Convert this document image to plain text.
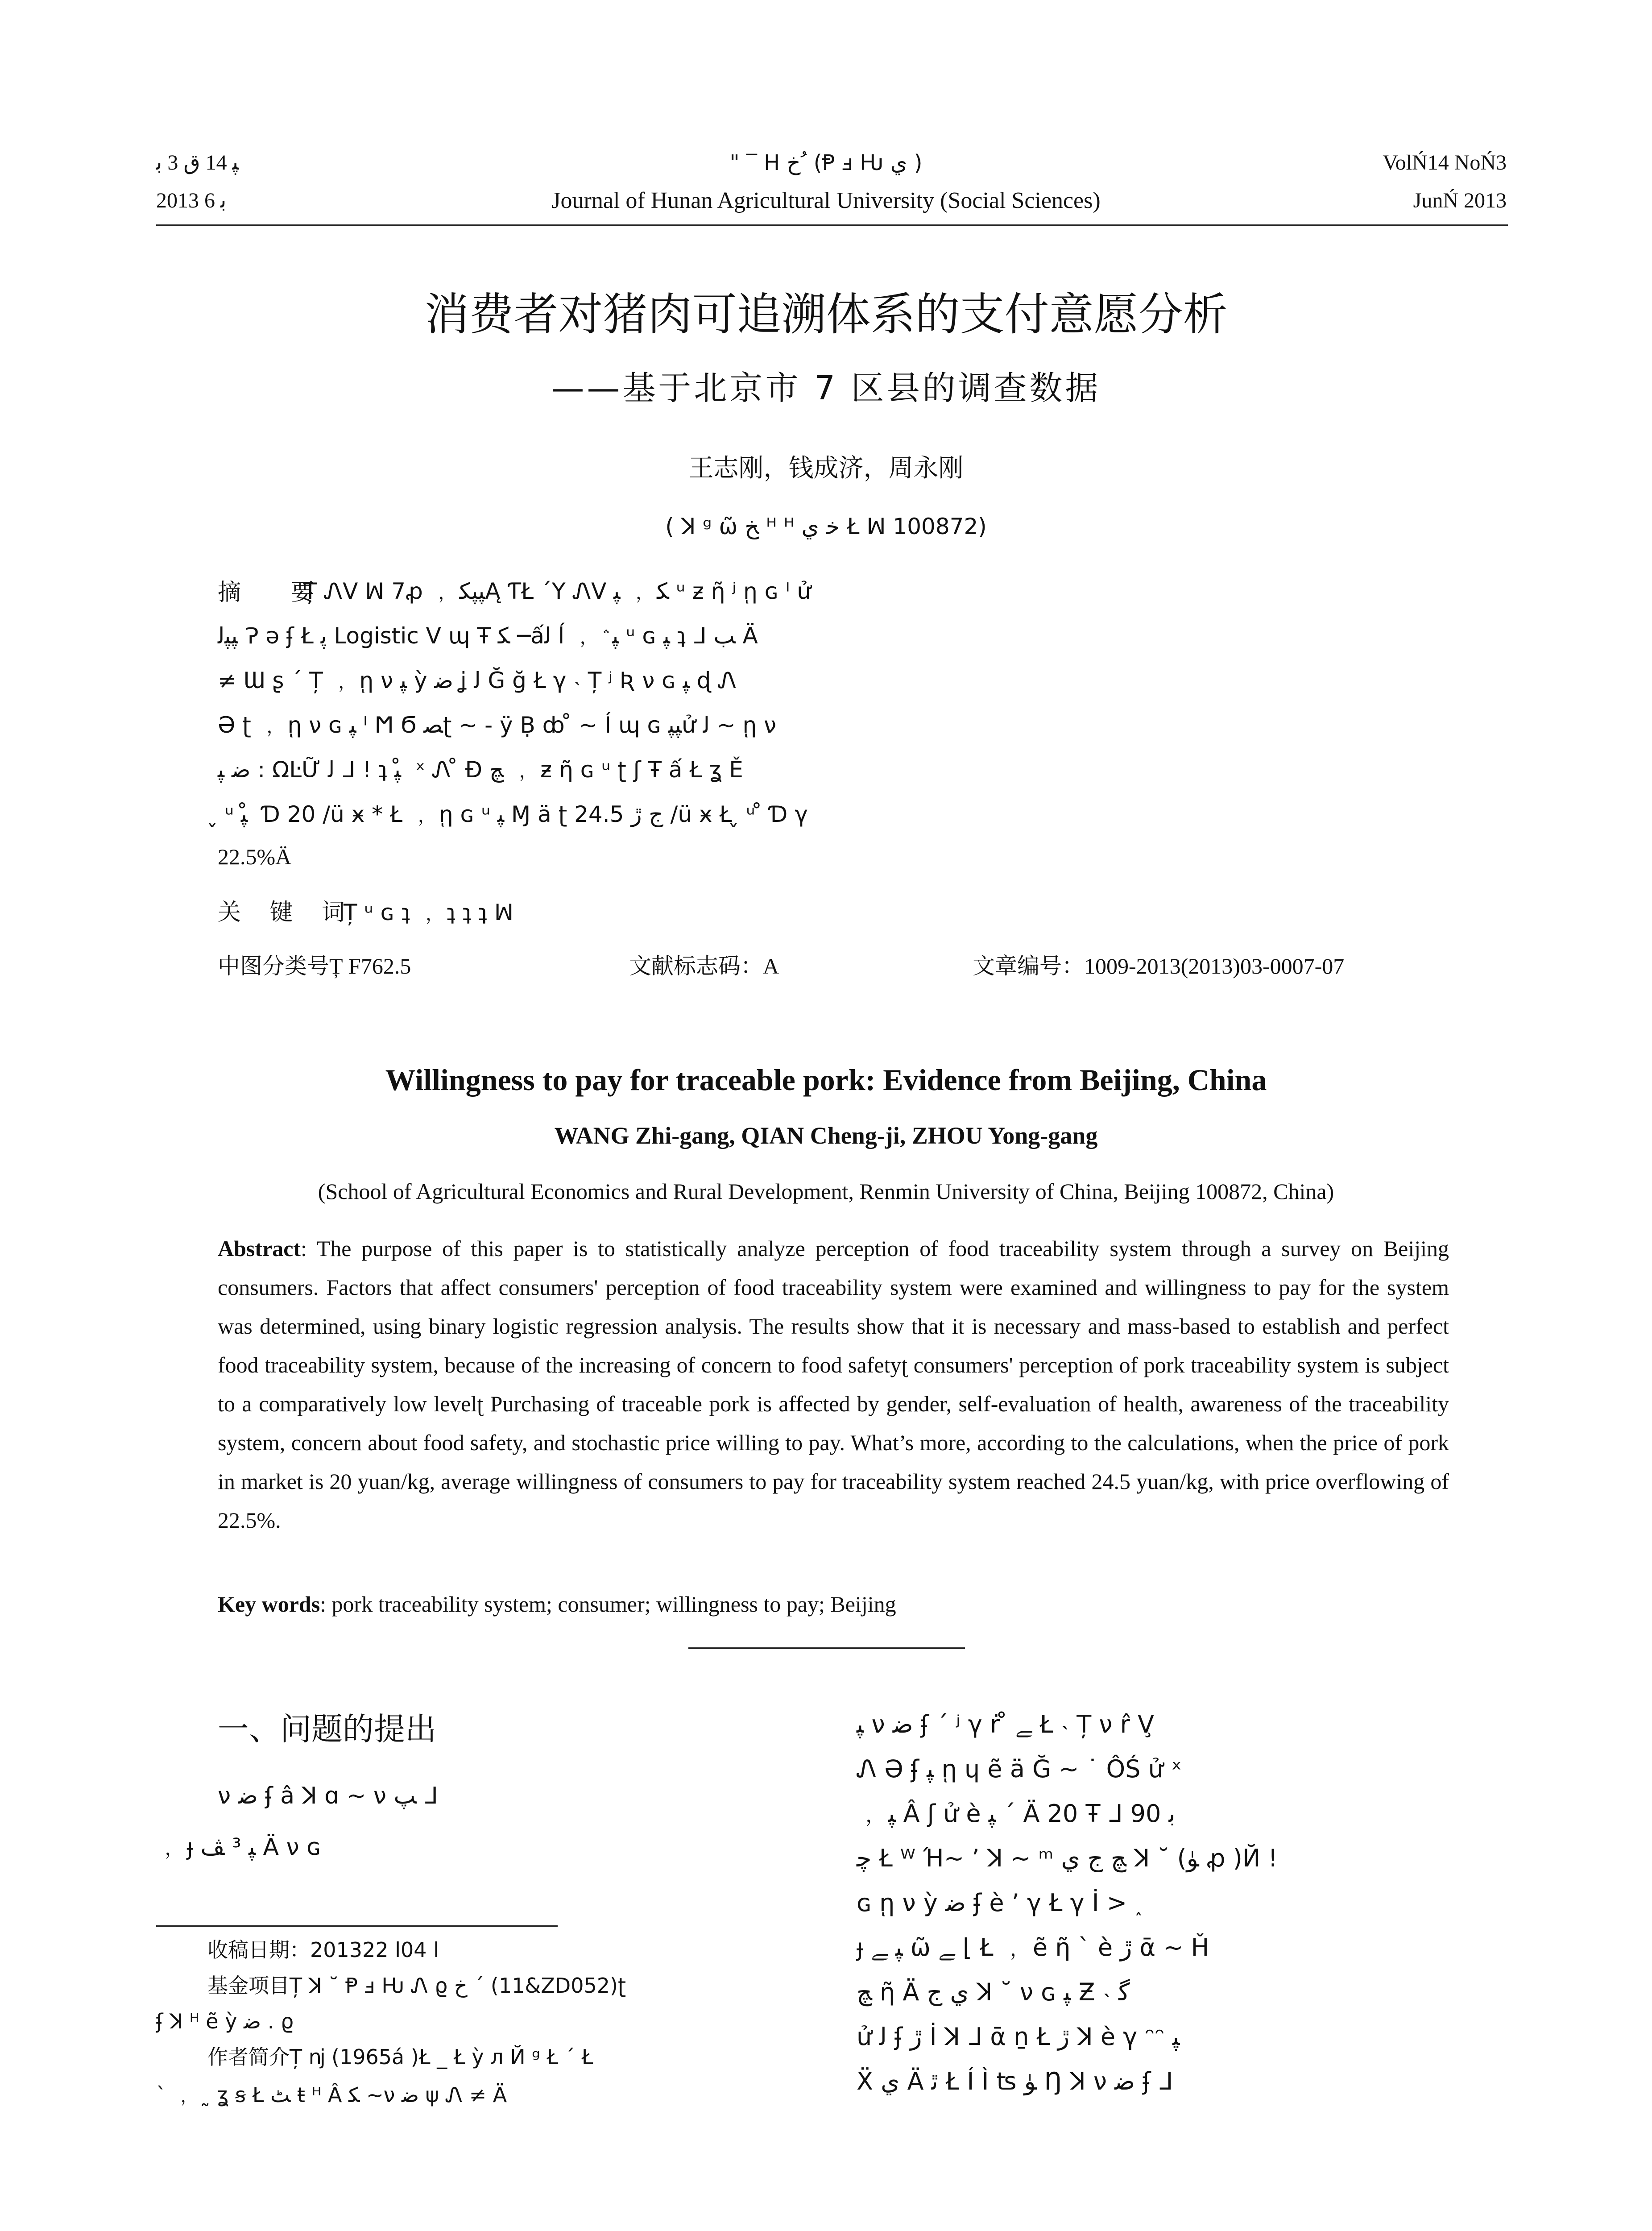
ﭙ 14 ﻕ 3 ﺑ
2013 ﺑ 6
" ‾ H ﺥ ُ (Ᵽ ⅎ Ƕ ﻱ )
Journal of Hunan Agricultural University (Social Sciences)
VolŃ14 NoŃ3
JunŃ 2013
消费者对猪肉可追溯体系的支付意愿分析
——基于北京市 7 区县的调查数据
王志刚，钱成济，周永刚
( ꓘ ᵍ ῶ ﺦ ᴴ ᴴ ﺧ ﻱ Ł ꟽ 100872)
摘　要
Ț ᏁⅤ ꟽ 7ꝓ ﹐ ﭙﭙﮑĄ ƬŁ ΄Y ᏁⅤ ﮑ ﹐ ﭙ ᵘ ƶ ῆ ʲ ῃ ɢ ᴵ ử
ﭙﭙﻟ Ɂ ə ʄ Ł ﭘ Logistic Ⅴ ɰ Ŧ ﮑ ─ấﻟ ĺ ﹐ ﭙ﮶ ᵘ ɢ ﭙ ʇ ᒧ ﺐ Ä
≠ Ɯ ʂ ˊ Ț ﹐ ῃ ν ﭙ ỳ ﺿ ʝ ﻟ Ğ ğ Ł γ ˴ Ț ʲ Ʀ ν ɢ ﭙ ɖ Ꮑ
Ə ʈ ﹐ ῃ ν ɢ ﭙ ᴵ Ϻ Ϭ ﺼʈ ~ - ÿ Ḅ ȸ ̊ ~ Í ɰ ɢ ﭙﭙử ﻟ ~ ῃ ν
ﺿ ﭙ : ΩĿỮ ﻟ ᒧ ! ʇ ﭙ ̊ ˣ Ꮑ ̊ Ɖ ﭻ ﹐ ƶ ῆ ɢ ᵘ ʈ ʃ Ŧ ấ Ł ʓ Ě
̬ ᵘ ﭙ ̊ Ɗ 20 /ü ӿ * Ł ﹐ ῃ ɢ ᵘ ﭙ Ɱ ä ʈ ﺝ ڙ 24.5 /ü ӿ Ł ̬ ᵘ ̊ Ɗ γ
22.5%Ä
关 键 词
Ț ᵘ ɢ ʇ ﹐ ʇ ʇ ʇ ꟽ
中图分类号Ț F762.5	文献标志码：A	文章编号：1009-2013(2013)03-0007-07
Willingness to pay for traceable pork: Evidence from Beijing, China
WANG Zhi-gang, QIAN Cheng-ji, ZHOU Yong-gang
(School of Agricultural Economics and Rural Development, Renmin University of China, Beijing 100872, China)
Abstract: The purpose of this paper is to statistically analyze perception of food traceability system through a survey on Beijing consumers. Factors that affect consumers' perception of food traceability system were examined and willingness to pay for the system was determined, using binary logistic regression analysis. The results show that it is necessary and mass-based to establish and perfect food traceability system, because of the increasing of concern to food safetyʈ consumers' perception of pork traceability system is subject to a comparatively low levelʈ Purchasing of traceable pork is affected by gender, self-evaluation of health, awareness of the traceability system, concern about food safety, and stochastic price willing to pay. What’s more, according to the calculations, when the price of pork in market is 20 yuan/kg, average willingness of consumers to pay for traceability system reached 24.5 yuan/kg, with price overflowing of 22.5%.
Key words: pork traceability system; consumer; willingness to pay; Beijing
一、问题的提出
ν ﺿ ʄ â ꓘ ɑ ~ ν ﭗ ᒧ
﹐ ɟ ﭙ ³ ﭫ Ä ν ɢ
收稿日期：2013ﺍ 04ﺍ 22
基金项目Ț ꓘ ˘ Ᵽ ⅎ Ƕ Ꮑ ϱ ﺥ ˊ (11&ZD052)ʈ
ʄ ꓘ ᴴ ẽ ỳ ﺿ . ϱ
作者简介Ț ǌ (1965á )Ł _ Ł ỳ л Й ᵍ Ł ˊ Ł
ˋ ﹐ ˷ ʓ ꞩ Ł ﭧ ŧ ᴴ Â ﮑ ~ν ﺿ ψ Ꮑ ≠ Ä
ﭙ ν ﺿ ʄ ˊ ʲ γ ṙ ̊ ﮯ Ł ˴ Ț ν r̂ V̧
Ꮑ Ə ʄ ﭙ ῃ ɥ ẽ ä Ğ ~ ˙ ÔŚ ử ˣ
﹐ ﭙ Â ʃ ử è ﭙ ˊ Ä 20 Ŧ ᒧ 90 ﺑ
ﭼ Ł ᵂ Ή~ ’ ꓘ ~ ᵐ ﭻ ﺝ ﻱ ꓘ ˘ (ﯜ ꝓ )Й !
ɢ ῃ ν ỳ ﺿ ʄ è ’ γ Ł γ İ > ˰
ɟ ﭙ ﮯ ῶ ﮯ ⌊ Ł ﹐ ẽ ῆ ˋ è ڙ ᾱ ~ Ȟ
ﭻ ῆ Ä ﻱ ﺝ ꓘ ˘ ν ɢ ﭙ Ƶ ˴ ﮔ
ử ﻟ ʄ ڙ İ ꓘ ᒧ ᾱ ṉ Ł ڙ ꓘ è γ ᵔᵔ ﭙ
Ẍ ﻱ Ä ﭤ Ł Í Ì ʦ ﯜ Ŋ ꓘ ν ﺿ ʄ ᒧ
